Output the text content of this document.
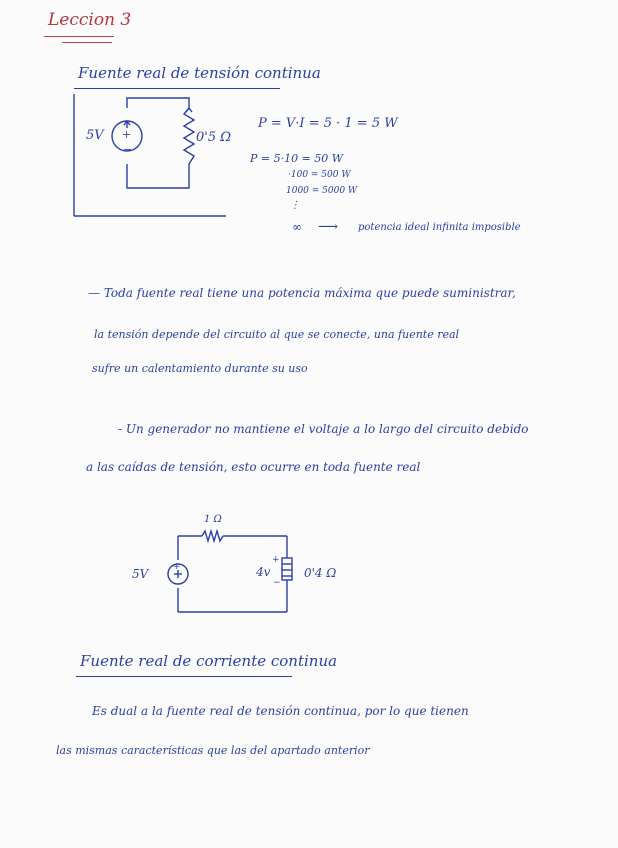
Leccion 3
Fuente real de tensión continua
5V +
−
0'5 Ω
P = V·I = 5 · 1 = 5 W
P = 5·10 = 50 W
·100 = 500 W
1000 = 5000 W
⋮
∞ ⟶ potencia ideal infinita imposible
— Toda fuente real tiene una potencia máxima que puede suministrar,
la tensión depende del circuito al que se conecte, una fuente real
sufre un calentamiento durante su uso
- Un generador no mantiene el voltaje a lo largo del circuito debido
a las caídas de tensión, esto ocurre en toda fuente real
1 Ω
5V	+	4v
+
−
0'4 Ω
Fuente real de corriente continua
Es dual a la fuente real de tensión continua, por lo que tienen
las mismas características que las del apartado anterior
